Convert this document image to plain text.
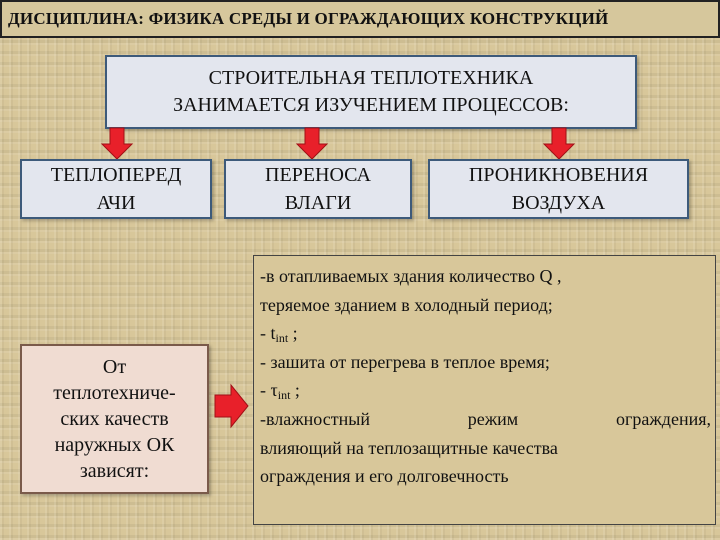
ДИСЦИПЛИНА: ФИЗИКА СРЕДЫ И ОГРАЖДАЮЩИХ КОНСТРУКЦИЙ
СТРОИТЕЛЬНАЯ ТЕПЛОТЕХНИКА
ЗАНИМАЕТСЯ ИЗУЧЕНИЕМ ПРОЦЕССОВ:
ТЕПЛОПЕРЕД
АЧИ
ПЕРЕНОСА
ВЛАГИ
ПРОНИКНОВЕНИЯ
ВОЗДУХА
От
теплотехниче-
ских качеств
наружных ОК
зависят:
-в отапливаемых здания количество Q ,
теряемое зданием в холодный период;
- $t_{int}$ ;
- зашита от перегрева в теплое время;
- $\tau_{int}$ ;
-влажностный режим ограждения,
влияющий на теплозащитные качества
ограждения и его долговечность
